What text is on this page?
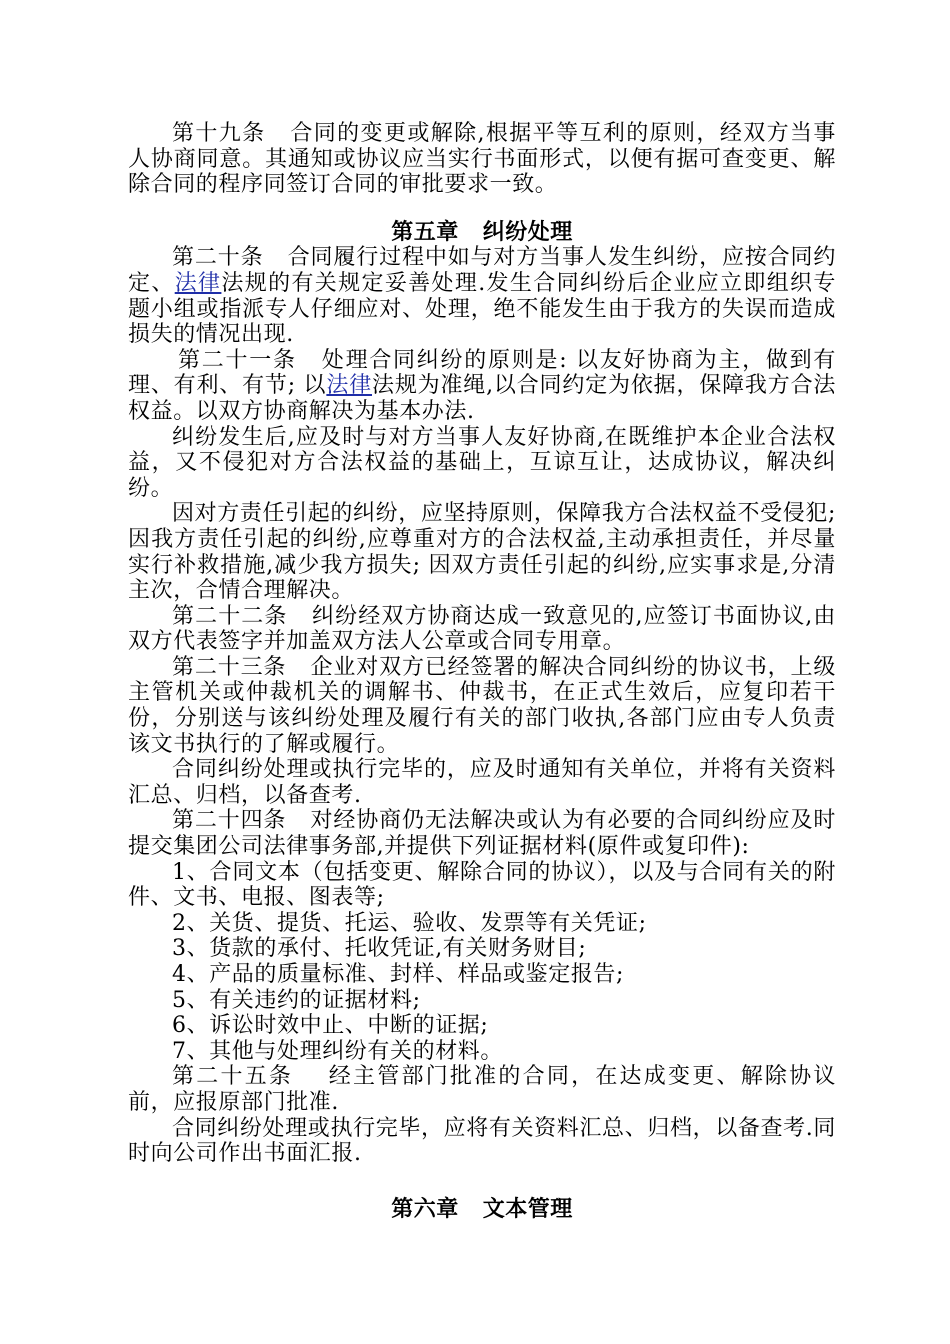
第十九条 合同的变更或解除,根据平等互利的原则，经双方当事人协商同意。其通知或协议应当实行书面形式，以便有据可查变更、解除合同的程序同签订合同的审批要求一致。

第五章 纠纷处理

第二十条 合同履行过程中如与对方当事人发生纠纷，应按合同约定、法律法规的有关规定妥善处理.发生合同纠纷后企业应立即组织专题小组或指派专人仔细应对、处理，绝不能发生由于我方的失误而造成损失的情况出现.

第二十一条 处理合同纠纷的原则是: 以友好协商为主，做到有理、有利、有节; 以法律法规为准绳,以合同约定为依据，保障我方合法权益。以双方协商解决为基本办法.

纠纷发生后,应及时与对方当事人友好协商,在既维护本企业合法权益，又不侵犯对方合法权益的基础上，互谅互让，达成协议，解决纠纷。

因对方责任引起的纠纷，应坚持原则，保障我方合法权益不受侵犯; 因我方责任引起的纠纷,应尊重对方的合法权益,主动承担责任，并尽量实行补救措施,减少我方损失; 因双方责任引起的纠纷,应实事求是,分清主次，合情合理解决。

第二十二条 纠纷经双方协商达成一致意见的,应签订书面协议,由双方代表签字并加盖双方法人公章或合同专用章。

第二十三条 企业对双方已经签署的解决合同纠纷的协议书，上级主管机关或仲裁机关的调解书、仲裁书，在正式生效后，应复印若干份，分别送与该纠纷处理及履行有关的部门收执,各部门应由专人负责该文书执行的了解或履行。

合同纠纷处理或执行完毕的，应及时通知有关单位，并将有关资料汇总、归档，以备查考.

第二十四条 对经协商仍无法解决或认为有必要的合同纠纷应及时提交集团公司法律事务部,并提供下列证据材料(原件或复印件):

1、合同文本（包括变更、解除合同的协议），以及与合同有关的附件、文书、电报、图表等;

2、关货、提货、托运、验收、发票等有关凭证;

3、货款的承付、托收凭证,有关财务财目;

4、产品的质量标准、封样、样品或鉴定报告;

5、有关违约的证据材料;

6、诉讼时效中止、中断的证据;

7、其他与处理纠纷有关的材料。

第二十五条 经主管部门批准的合同，在达成变更、解除协议前，应报原部门批准.

合同纠纷处理或执行完毕，应将有关资料汇总、归档，以备查考.同时向公司作出书面汇报.

第六章 文本管理
